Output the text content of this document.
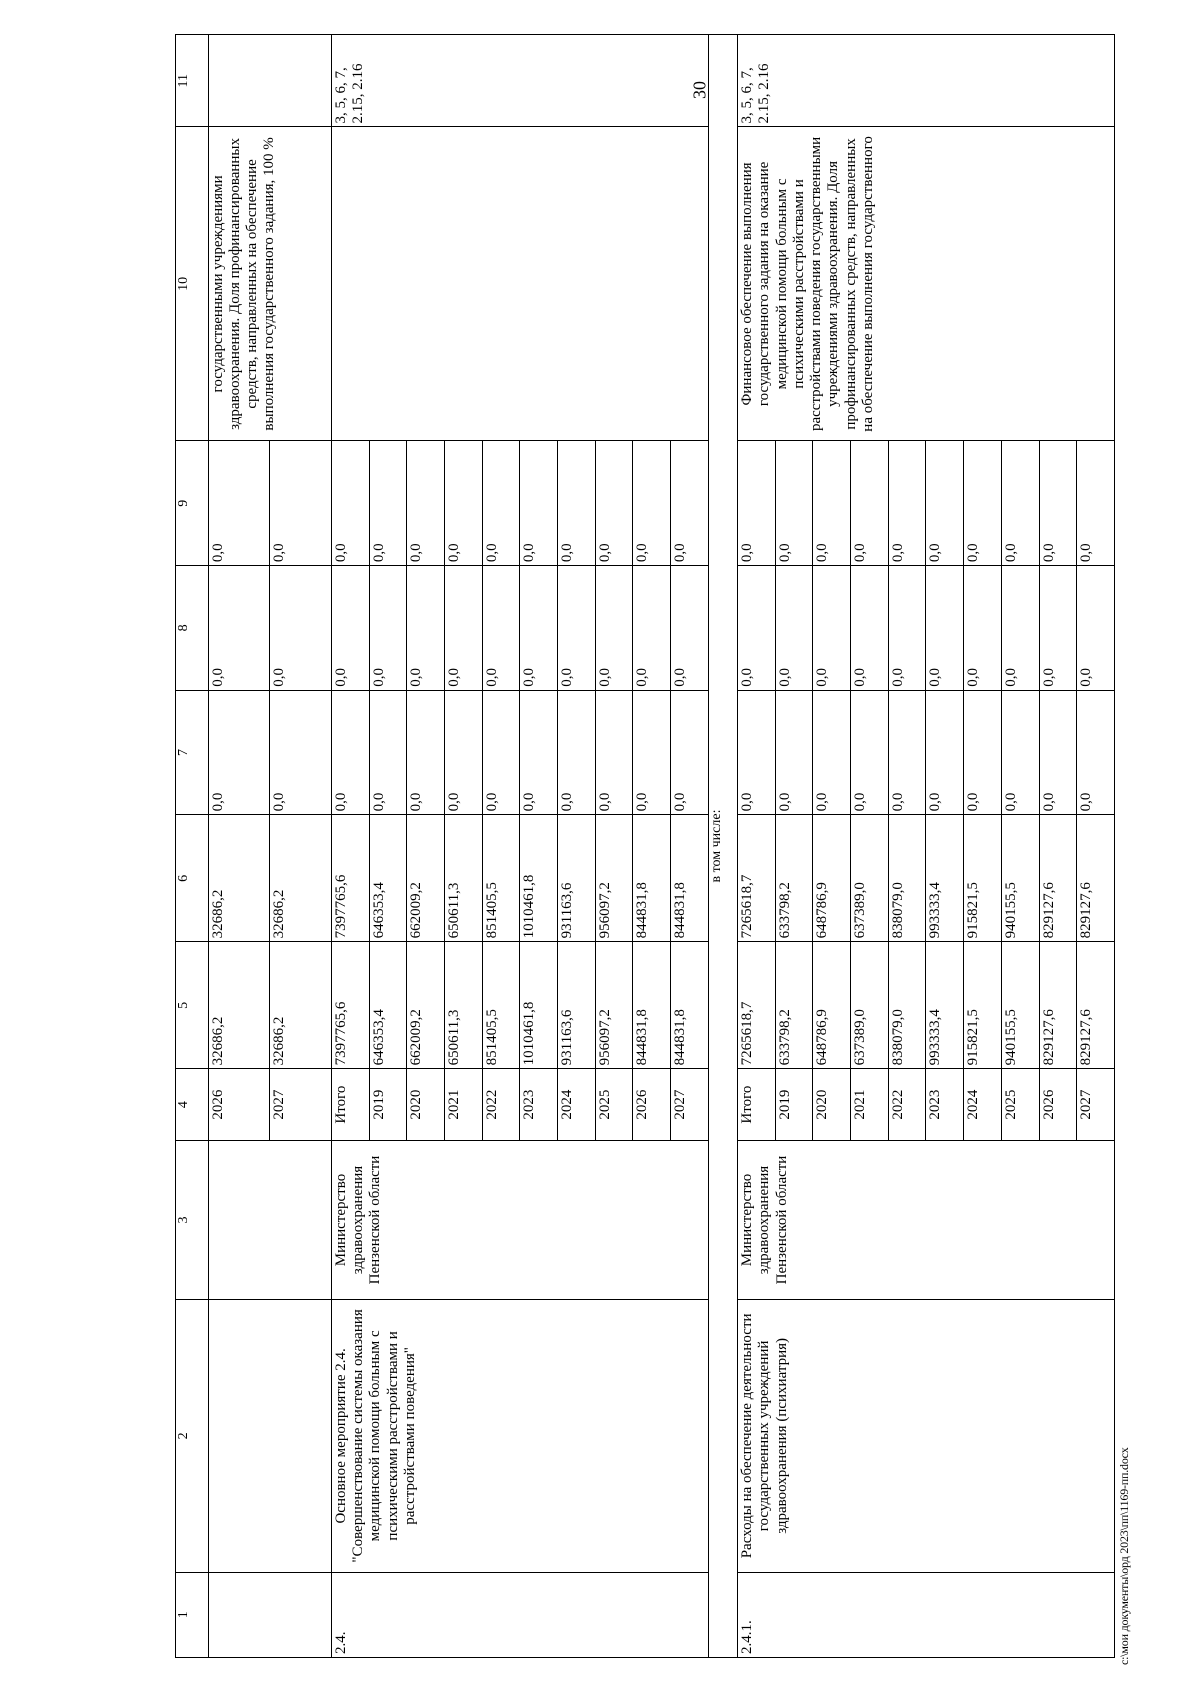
30
1	2	3	4	5	6	7	8	9	10	11
			2026	32686,2	32686,2	0,0	0,0	0,0	государственными учреждениями здравоохранения. Доля профинансированных средств, направленных на обеспечение выполнения государственного задания, 100 %	
			2027	32686,2	32686,2	0,0	0,0	0,0		
2.4.	Основное мероприятие 2.4. "Совершенствование системы оказания медицинской помощи больным с психическими расстройствами и расстройствами поведения"	Министерство здравоохранения Пензенской области	Итого	7397765,6	7397765,6	0,0	0,0	0,0		3, 5, 6, 7, 2.15, 2.16
			2019	646353,4	646353,4	0,0	0,0	0,0		
			2020	662009,2	662009,2	0,0	0,0	0,0		
			2021	650611,3	650611,3	0,0	0,0	0,0		
			2022	851405,5	851405,5	0,0	0,0	0,0		
			2023	1010461,8	1010461,8	0,0	0,0	0,0		
			2024	931163,6	931163,6	0,0	0,0	0,0		
			2025	956097,2	956097,2	0,0	0,0	0,0		
			2026	844831,8	844831,8	0,0	0,0	0,0		
			2027	844831,8	844831,8	0,0	0,0	0,0		
в том числе:										
2.4.1.	Расходы на обеспечение деятельности государственных учреждений здравоохранения (психиатрия)	Министерство здравоохранения Пензенской области	Итого	7265618,7	7265618,7	0,0	0,0	0,0	Финансовое обеспечение выполнения государственного задания на оказание медицинской помощи больным с психическими расстройствами и расстройствами поведения государственными учреждениями здравоохранения. Доля профинансированных средств, направленных на обеспечение выполнения государственного	3, 5, 6, 7, 2.15, 2.16
			2019	633798,2	633798,2	0,0	0,0	0,0		
			2020	648786,9	648786,9	0,0	0,0	0,0		
			2021	637389,0	637389,0	0,0	0,0	0,0		
			2022	838079,0	838079,0	0,0	0,0	0,0		
			2023	993333,4	993333,4	0,0	0,0	0,0		
			2024	915821,5	915821,5	0,0	0,0	0,0		
			2025	940155,5	940155,5	0,0	0,0	0,0		
			2026	829127,6	829127,6	0,0	0,0	0,0		
			2027	829127,6	829127,6	0,0	0,0	0,0		
c:\мои документы\орд 2023\пп\1169-пп.docx
